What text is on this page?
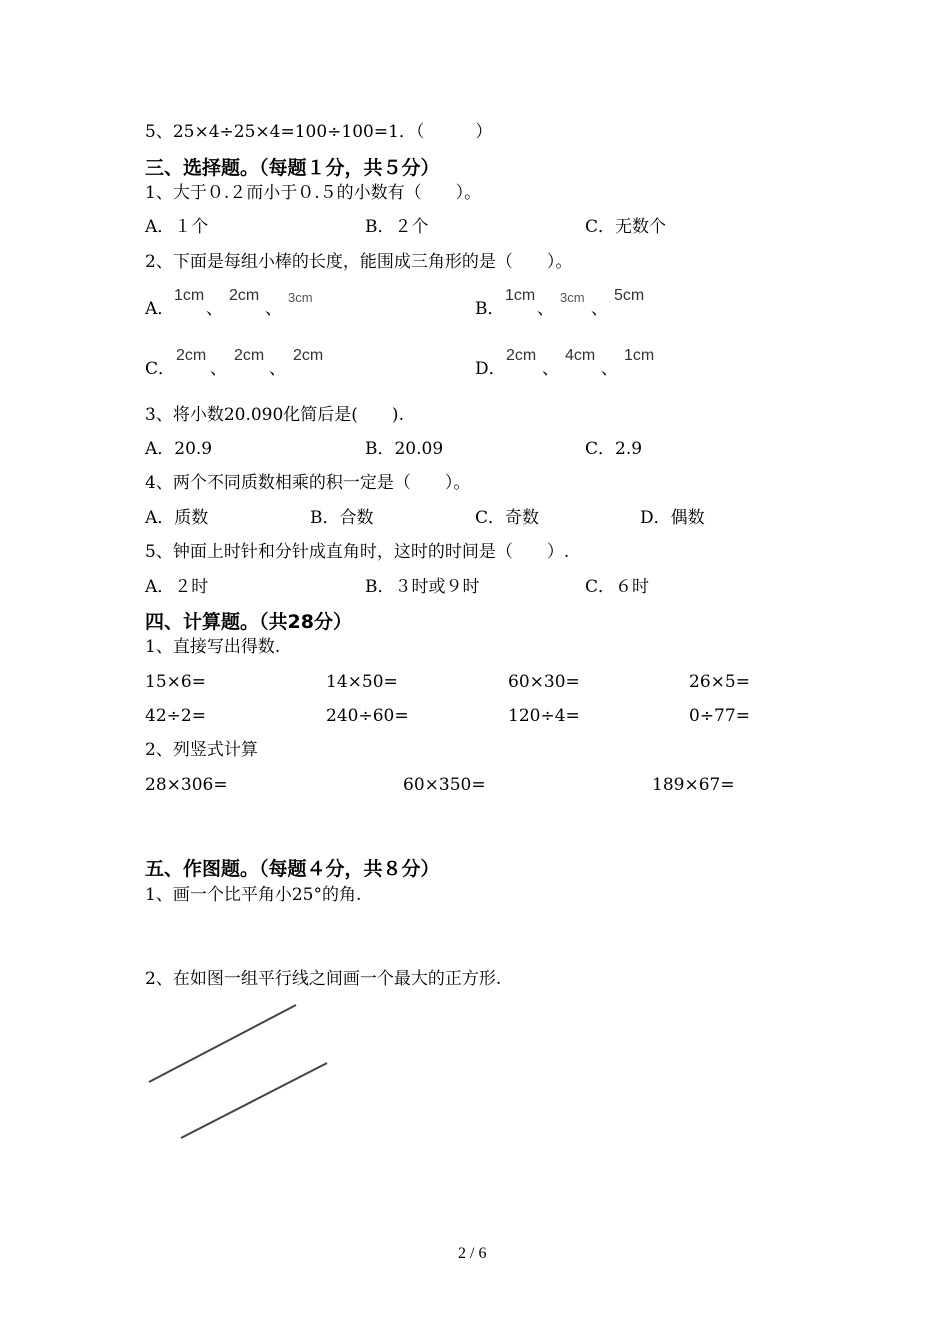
5、25×4÷25×4=100÷100=1．（　　　）
三、选择题。（每题１分，共５分）
1、大于０.２而小于０.５的小数有（　　）。
A．１个	B．２个	C．无数个
2、下面是每组小棒的长度，能围成三角形的是（　　）。
A．
1cm
、
2cm
、
3cm
B．
1cm
、
3cm
、
5cm
C．
2cm
、
2cm
、
2cm
D．
2cm
、
4cm
、
1cm
3、将小数20.090化简后是(　　).
A．20.9	B．20.09	C．2.9
4、两个不同质数相乘的积一定是（　　）。
A．质数	B．合数	C．奇数	D．偶数
5、钟面上时针和分针成直角时，这时的时间是（　　）.
A．２时	B．３时或９时	C．６时
四、计算题。（共28分）
1、直接写出得数.
15×6=	14×50=	60×30=	26×5=
42÷2=	240÷60=	120÷4=	0÷77=
2、列竖式计算
28×306=	60×350=	189×67=
五、作图题。（每题４分，共８分）
1、画一个比平角小25°的角.
2、在如图一组平行线之间画一个最大的正方形.
2 / 6
